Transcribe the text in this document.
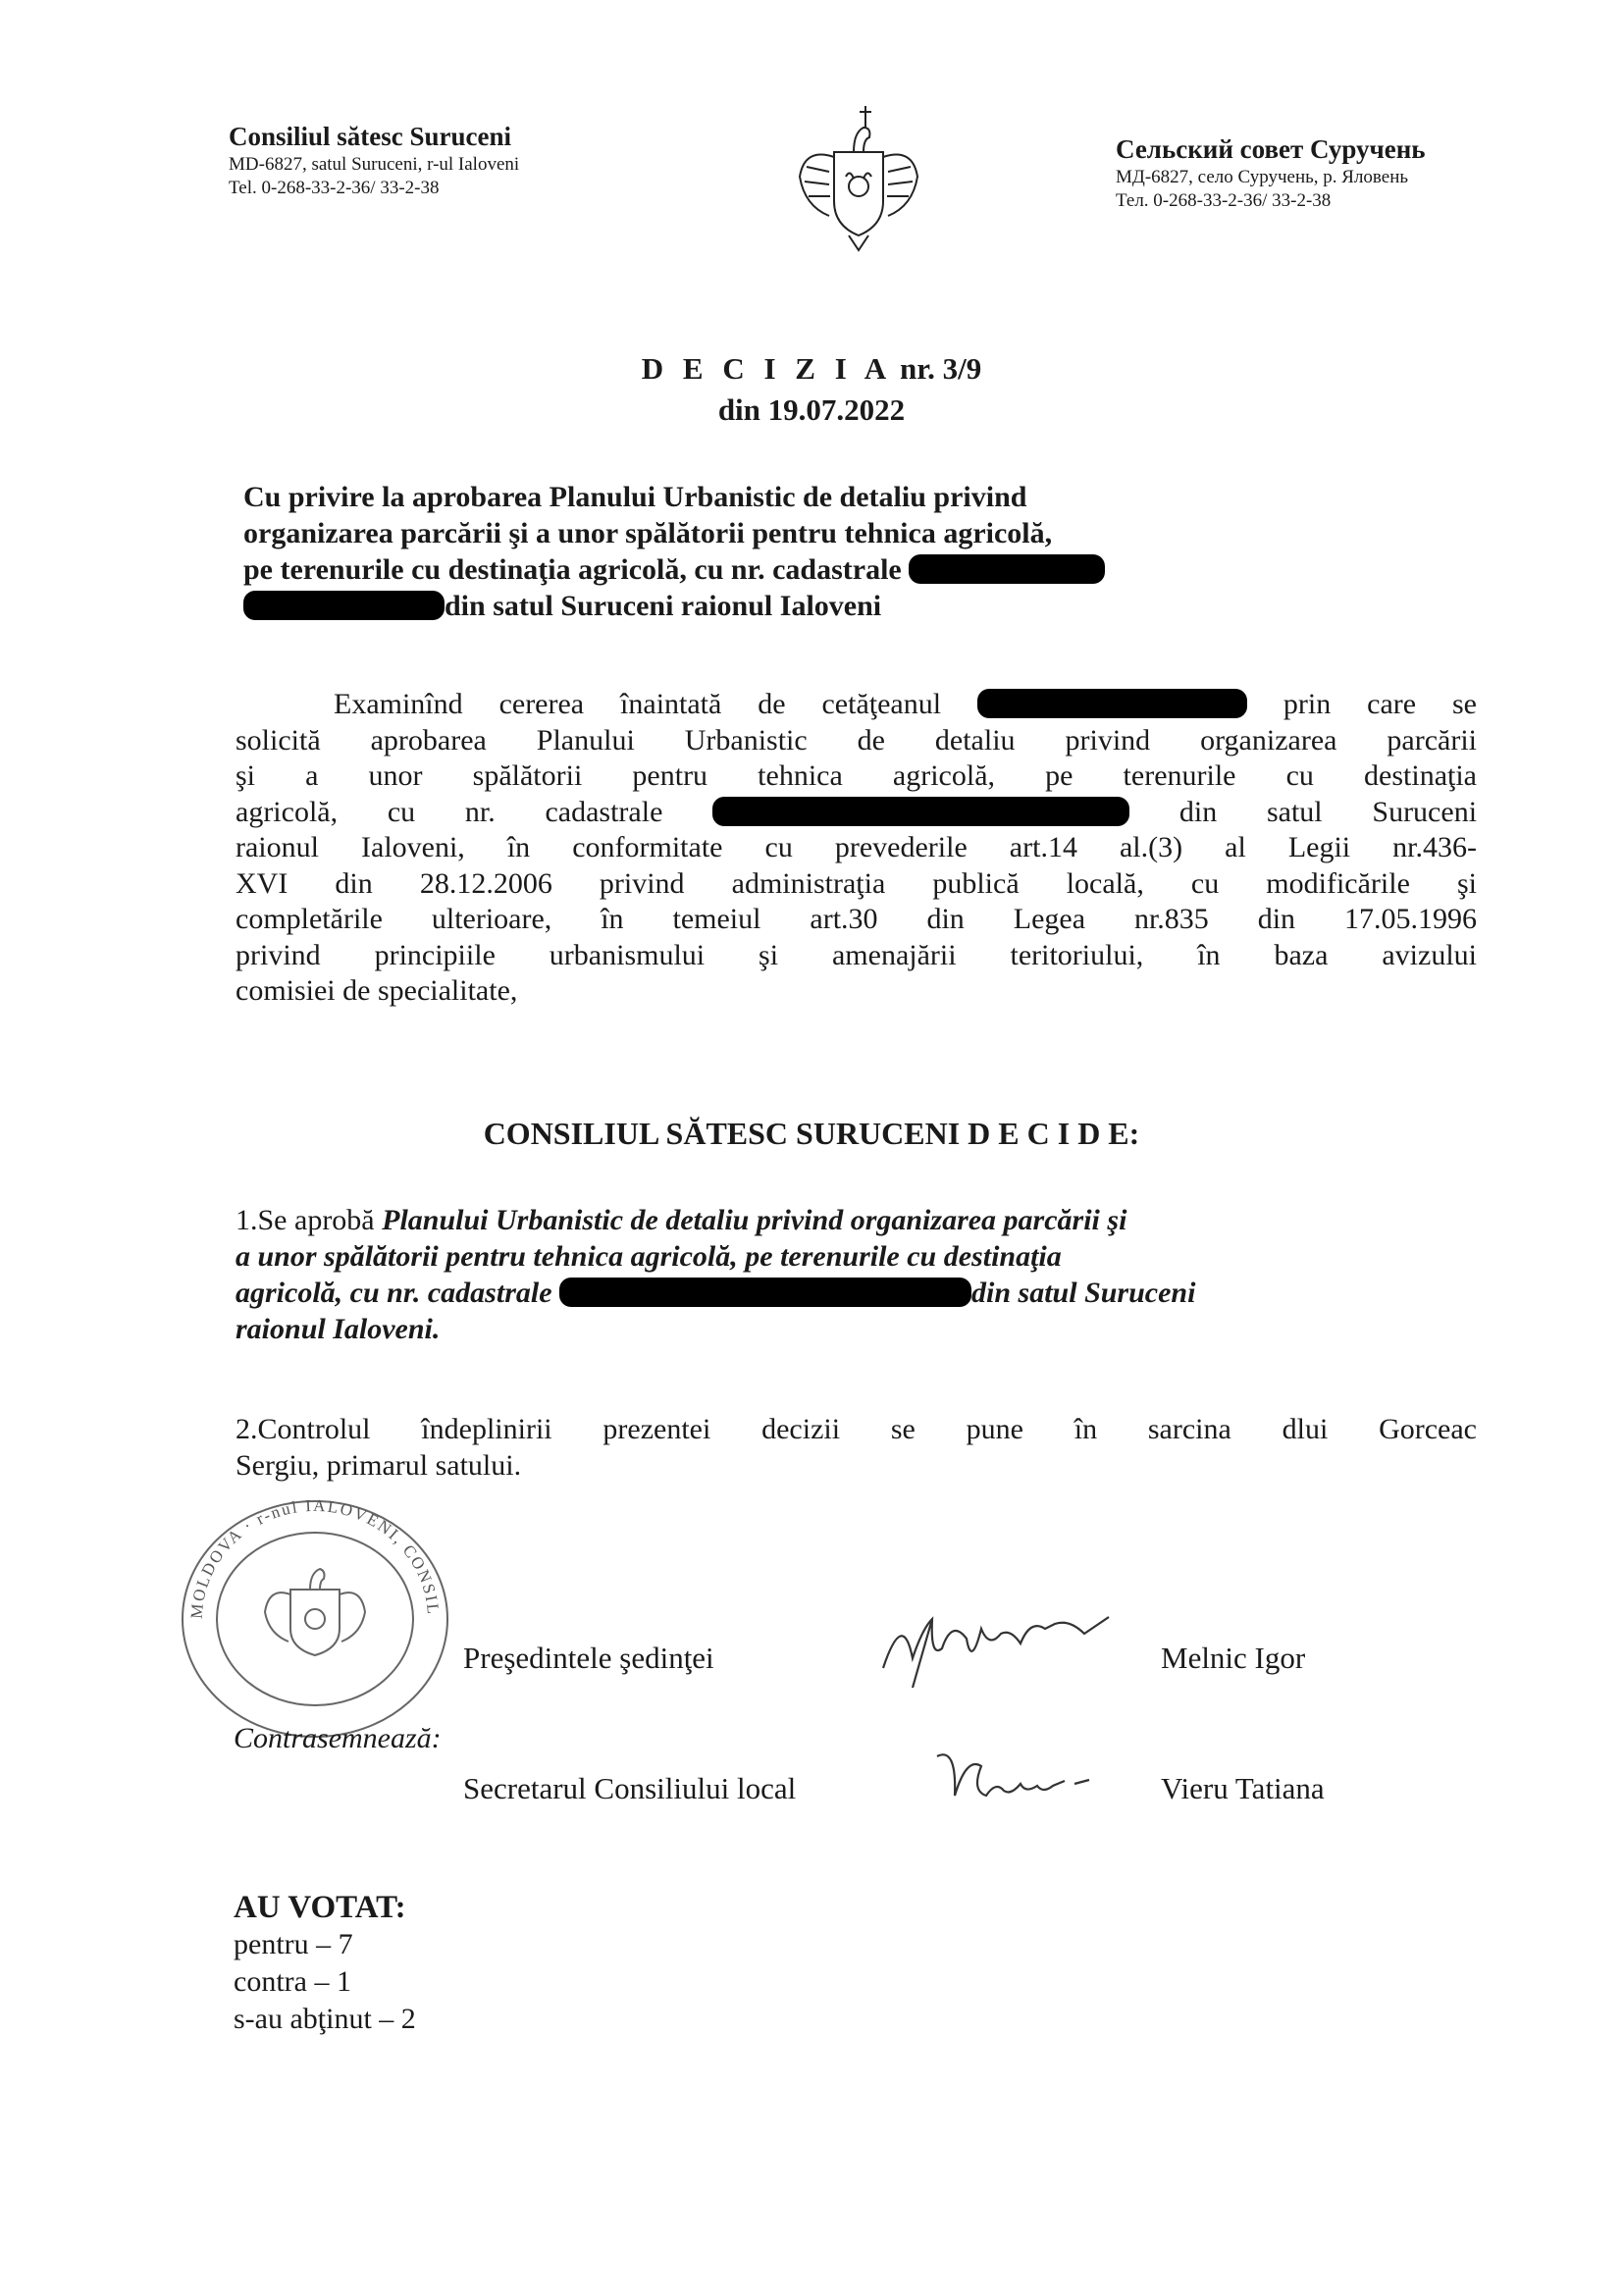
Consiliul sătesc Suruceni
MD-6827, satul Suruceni, r-ul Ialoveni
Tel. 0-268-33-2-36/ 33-2-38
Сельский совет Суручень
МД-6827, село Суручень, р. Яловень
Тел. 0-268-33-2-36/ 33-2-38
D E C I Z I A nr. 3/9
din 19.07.2022
Cu privire la aprobarea Planului Urbanistic de detaliu privind
organizarea parcării şi a unor spălătorii pentru tehnica agricolă,
pe terenurile cu destinaţia agricolă, cu nr. cadastrale
din satul Suruceni raionul Ialoveni
Examinînd cererea înaintată de cetăţeanul	prin care se
solicită aprobarea Planului Urbanistic de detaliu privind organizarea parcării
şi a unor spălătorii pentru tehnica agricolă, pe terenurile cu destinaţia
agricolă, cu nr. cadastrale	din satul Suruceni
raionul Ialoveni, în conformitate cu prevederile art.14 al.(3) al Legii nr.436-
XVI din 28.12.2006 privind administraţia publică locală, cu modificările şi
completările ulterioare, în temeiul art.30 din Legea nr.835 din 17.05.1996
privind principiile urbanismului şi amenajării teritoriului, în baza avizului
comisiei de specialitate,
CONSILIUL SĂTESC SURUCENI D E C I D E:
1.Se aprobă Planului Urbanistic de detaliu privind organizarea parcării şi
a unor spălătorii pentru tehnica agricolă, pe terenurile cu destinaţia
agricolă, cu nr. cadastrale	din satul Suruceni
raionul Ialoveni.
2.Controlul îndeplinirii prezentei decizii se pune în sarcina dlui Gorceac
Sergiu, primarul satului.
MOLDOVA · r-nul IALOVENI, CONSIL
Preşedintele şedinţei	Melnic Igor
Contrasemnează:
Secretarul Consiliului local	Vieru Tatiana
AU VOTAT:
pentru – 7
contra – 1
s-au abţinut – 2
